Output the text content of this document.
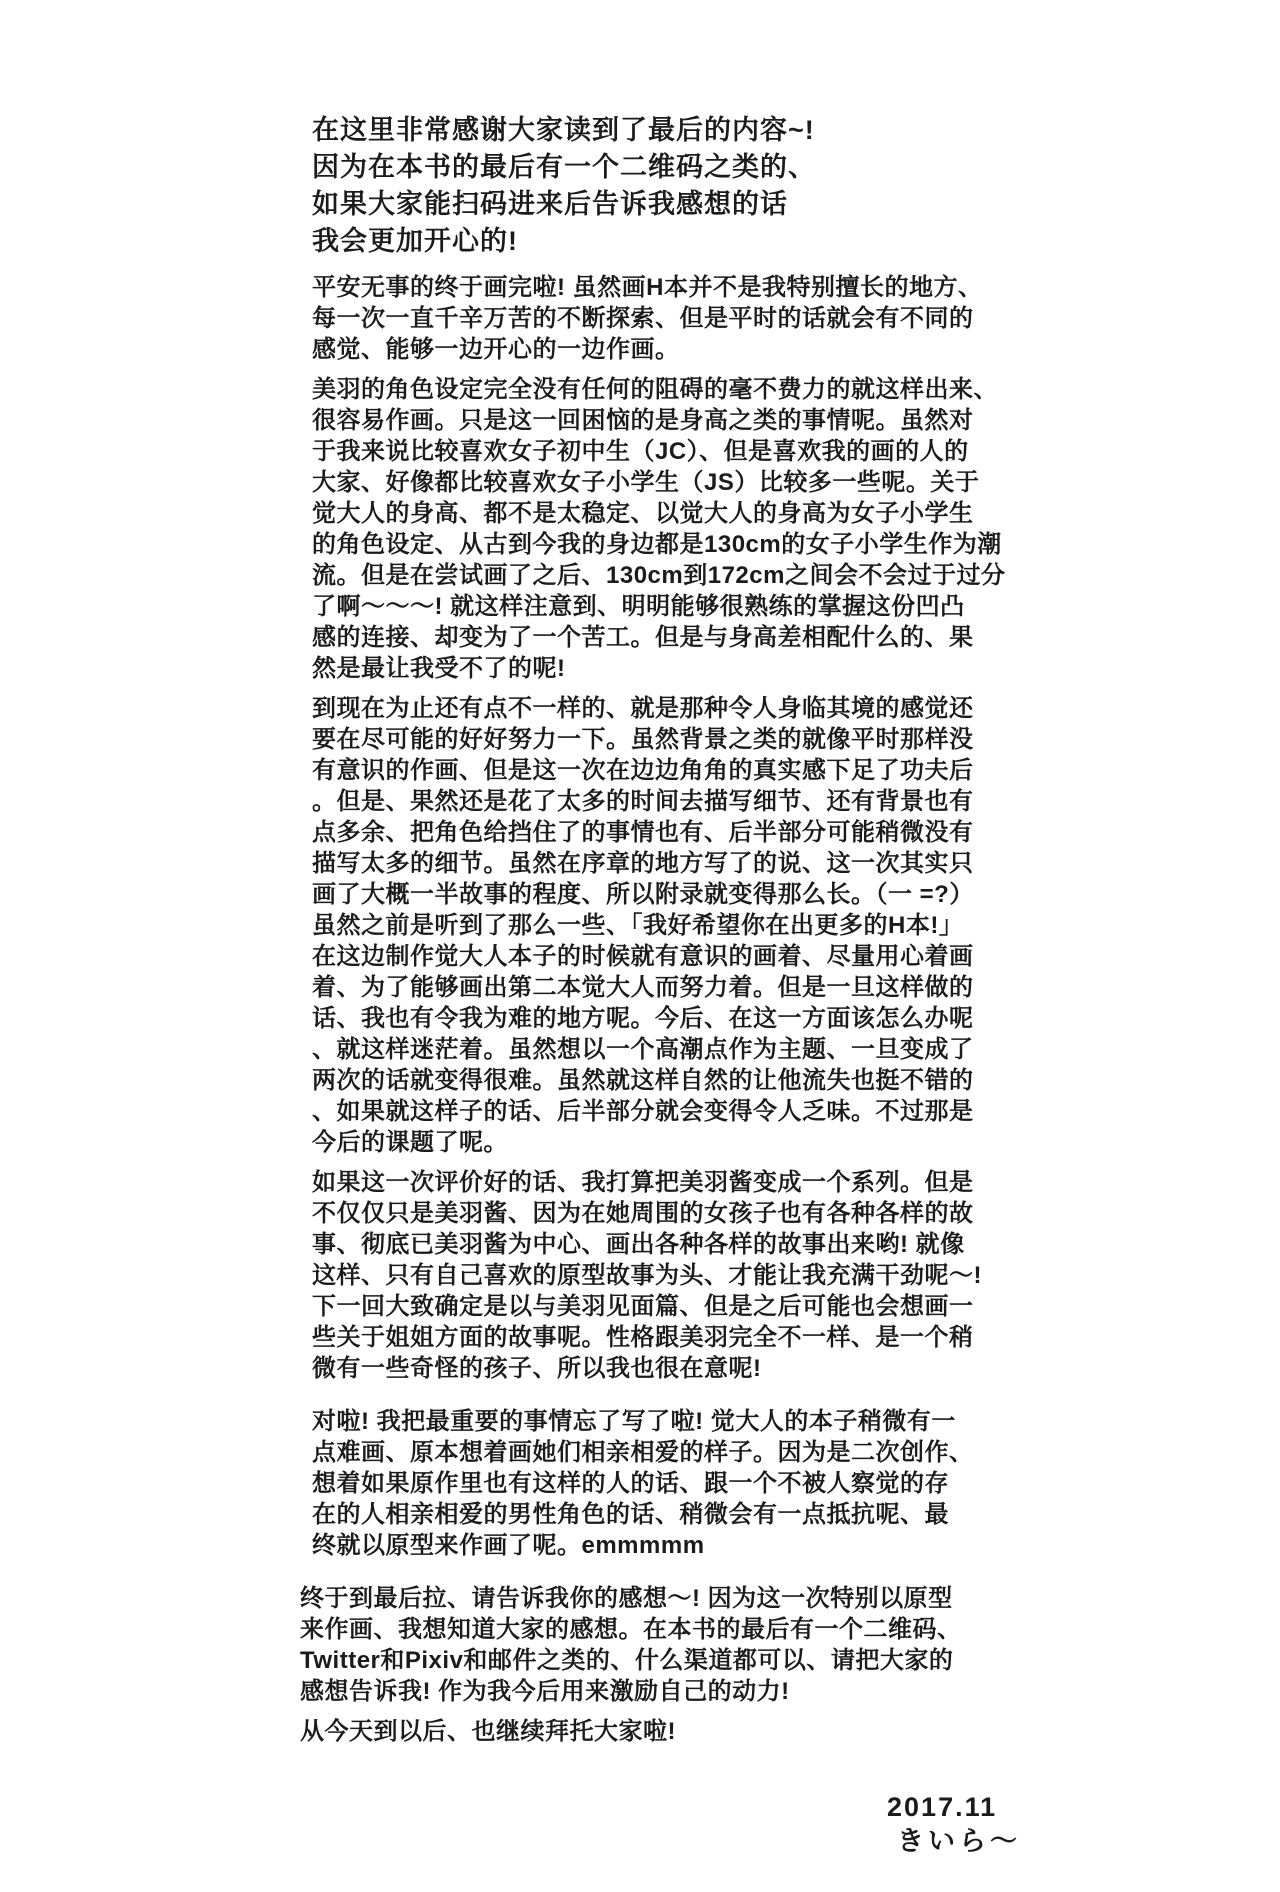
在这里非常感谢大家读到了最后的内容~!
因为在本书的最后有一个二维码之类的、
如果大家能扫码进来后告诉我感想的话
我会更加开心的!
平安无事的终于画完啦! 虽然画H本并不是我特别擅长的地方、
每一次一直千辛万苦的不断探索、但是平时的话就会有不同的
感觉、能够一边开心的一边作画。
美羽的角色设定完全没有任何的阻碍的毫不费力的就这样出来、
很容易作画。只是这一回困恼的是身高之类的事情呢。虽然对
于我来说比较喜欢女子初中生（JC）、但是喜欢我的画的人的
大家、好像都比较喜欢女子小学生（JS）比较多一些呢。关于
觉大人的身高、都不是太稳定、以觉大人的身高为女子小学生
的角色设定、从古到今我的身边都是130cm的女子小学生作为潮
流。但是在尝试画了之后、130cm到172cm之间会不会过于过分
了啊～～～! 就这样注意到、明明能够很熟练的掌握这份凹凸
感的连接、却变为了一个苦工。但是与身高差相配什么的、果
然是最让我受不了的呢!
到现在为止还有点不一样的、就是那种令人身临其境的感觉还
要在尽可能的好好努力一下。虽然背景之类的就像平时那样没
有意识的作画、但是这一次在边边角角的真实感下足了功夫后
。但是、果然还是花了太多的时间去描写细节、还有背景也有
点多余、把角色给挡住了的事情也有、后半部分可能稍微没有
描写太多的细节。虽然在序章的地方写了的说、这一次其实只
画了大概一半故事的程度、所以附录就变得那么长。（一 =?）
虽然之前是听到了那么一些、「我好希望你在出更多的H本!」
在这边制作觉大人本子的时候就有意识的画着、尽量用心着画
着、为了能够画出第二本觉大人而努力着。但是一旦这样做的
话、我也有令我为难的地方呢。今后、在这一方面该怎么办呢
、就这样迷茫着。虽然想以一个高潮点作为主题、一旦变成了
两次的话就变得很难。虽然就这样自然的让他流失也挺不错的
、如果就这样子的话、后半部分就会变得令人乏味。不过那是
今后的课题了呢。
如果这一次评价好的话、我打算把美羽酱变成一个系列。但是
不仅仅只是美羽酱、因为在她周围的女孩子也有各种各样的故
事、彻底已美羽酱为中心、画出各种各样的故事出来哟! 就像
这样、只有自己喜欢的原型故事为头、才能让我充满干劲呢～!
下一回大致确定是以与美羽见面篇、但是之后可能也会想画一
些关于姐姐方面的故事呢。性格跟美羽完全不一样、是一个稍
微有一些奇怪的孩子、所以我也很在意呢!
对啦! 我把最重要的事情忘了写了啦! 觉大人的本子稍微有一
点难画、原本想着画她们相亲相爱的样子。因为是二次创作、
想着如果原作里也有这样的人的话、跟一个不被人察觉的存
在的人相亲相爱的男性角色的话、稍微会有一点抵抗呢、最
终就以原型来作画了呢。emmmmm
终于到最后拉、请告诉我你的感想～! 因为这一次特别以原型
来作画、我想知道大家的感想。在本书的最后有一个二维码、
Twitter和Pixiv和邮件之类的、什么渠道都可以、请把大家的
感想告诉我! 作为我今后用来激励自己的动力!
从今天到以后、也继续拜托大家啦!

2017.11
きいら～
